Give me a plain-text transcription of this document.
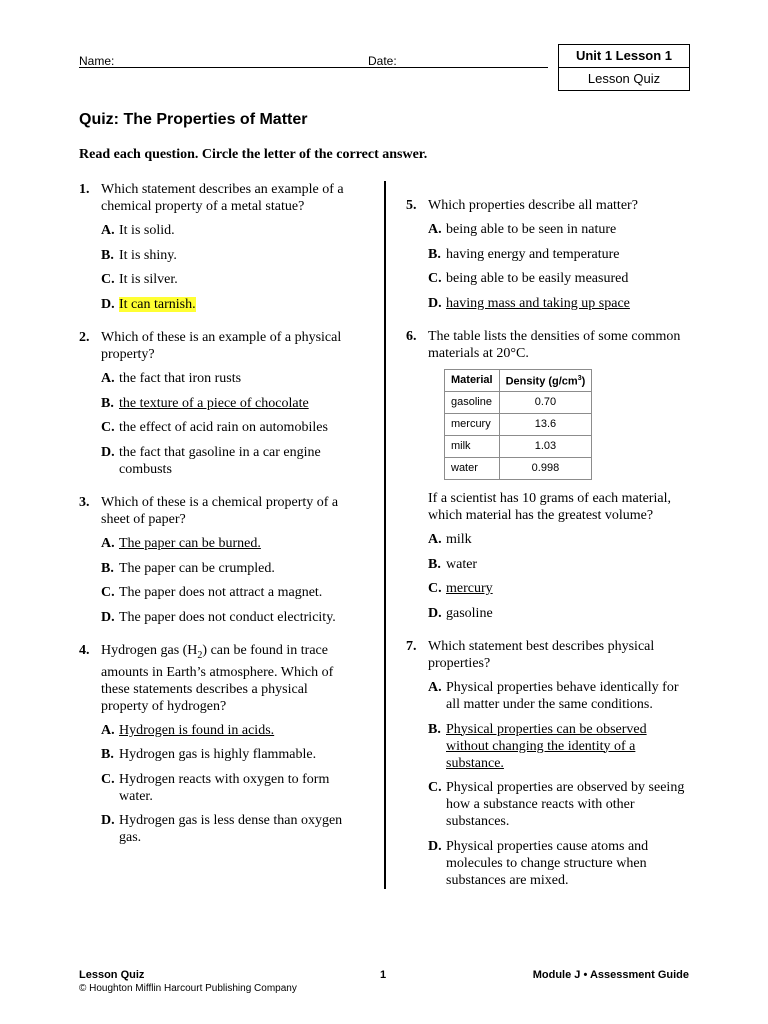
Name:	Date:	Unit 1 Lesson 1
Lesson Quiz
Quiz: The Properties of Matter
Read each question. Circle the letter of the correct answer.
1. Which statement describes an example of a chemical property of a metal statue?
A. It is solid.
B. It is shiny.
C. It is silver.
D. It can tarnish.
2. Which of these is an example of a physical property?
A. the fact that iron rusts
B. the texture of a piece of chocolate
C. the effect of acid rain on automobiles
D. the fact that gasoline in a car engine combusts
3. Which of these is a chemical property of a sheet of paper?
A. The paper can be burned.
B. The paper can be crumpled.
C. The paper does not attract a magnet.
D. The paper does not conduct electricity.
4. Hydrogen gas $(H_2)$ can be found in trace amounts in Earth’s atmosphere. Which of these statements describes a physical property of hydrogen?
A. Hydrogen is found in acids.
B. Hydrogen gas is highly flammable.
C. Hydrogen reacts with oxygen to form water.
D. Hydrogen gas is less dense than oxygen gas.
5. Which properties describe all matter?
A. being able to be seen in nature
B. having energy and temperature
C. being able to be easily measured
D. having mass and taking up space
6. The table lists the densities of some common materials at 20°C.
Material	Density $(g/cm^3)$
gasoline	0.70
mercury	13.6
milk	1.03
water	0.998
If a scientist has 10 grams of each material, which material has the greatest volume?
A. milk
B. water
C. mercury
D. gasoline
7. Which statement best describes physical properties?
A. Physical properties behave identically for all matter under the same conditions.
B. Physical properties can be observed without changing the identity of a substance.
C. Physical properties are observed by seeing how a substance reacts with other substances.
D. Physical properties cause atoms and molecules to change structure when substances are mixed.
Lesson Quiz
© Houghton Mifflin Harcourt Publishing Company
1	Module J • Assessment Guide
